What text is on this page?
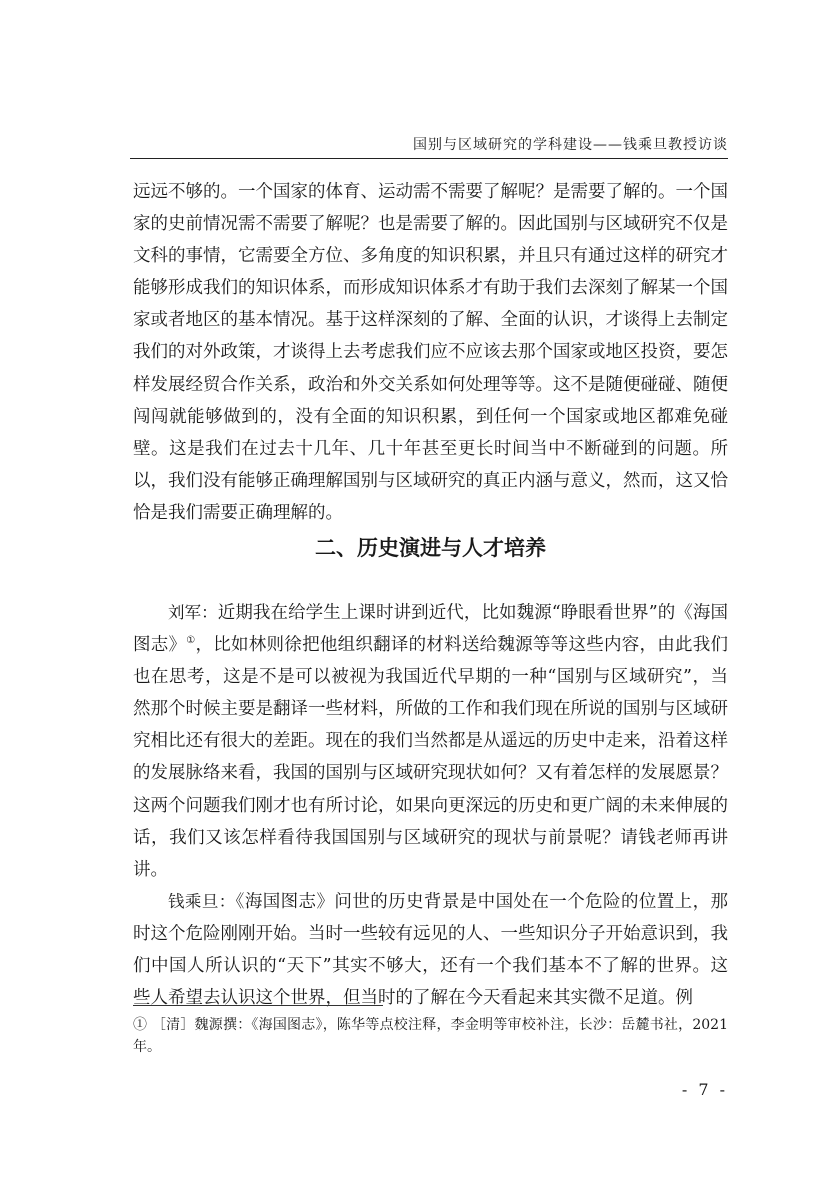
国别与区域研究的学科建设——钱乘旦教授访谈

远远不够的。一个国家的体育、运动需不需要了解呢？是需要了解的。一个国家的史前情况需不需要了解呢？也是需要了解的。因此国别与区域研究不仅是文科的事情，它需要全方位、多角度的知识积累，并且只有通过这样的研究才能够形成我们的知识体系，而形成知识体系才有助于我们去深刻了解某一个国家或者地区的基本情况。基于这样深刻的了解、全面的认识，才谈得上去制定我们的对外政策，才谈得上去考虑我们应不应该去那个国家或地区投资，要怎样发展经贸合作关系，政治和外交关系如何处理等等。这不是随便碰碰、随便闯闯就能够做到的，没有全面的知识积累，到任何一个国家或地区都难免碰壁。这是我们在过去十几年、几十年甚至更长时间当中不断碰到的问题。所以，我们没有能够正确理解国别与区域研究的真正内涵与意义，然而，这又恰恰是我们需要正确理解的。

二、历史演进与人才培养

刘军：近期我在给学生上课时讲到近代，比如魏源“睁眼看世界”的《海国图志》①，比如林则徐把他组织翻译的材料送给魏源等等这些内容，由此我们也在思考，这是不是可以被视为我国近代早期的一种“国别与区域研究”，当然那个时候主要是翻译一些材料，所做的工作和我们现在所说的国别与区域研究相比还有很大的差距。现在的我们当然都是从遥远的历史中走来，沿着这样的发展脉络来看，我国的国别与区域研究现状如何？又有着怎样的发展愿景？这两个问题我们刚才也有所讨论，如果向更深远的历史和更广阔的未来伸展的话，我们又该怎样看待我国国别与区域研究的现状与前景呢？请钱老师再讲讲。

钱乘旦：《海国图志》问世的历史背景是中国处在一个危险的位置上，那时这个危险刚刚开始。当时一些较有远见的人、一些知识分子开始意识到，我们中国人所认识的“天下”其实不够大，还有一个我们基本不了解的世界。这些人希望去认识这个世界，但当时的了解在今天看起来其实微不足道。例

① ［清］魏源撰：《海国图志》，陈华等点校注释，李金明等审校补注，长沙：岳麓书社，2021 年。

- 7 -
